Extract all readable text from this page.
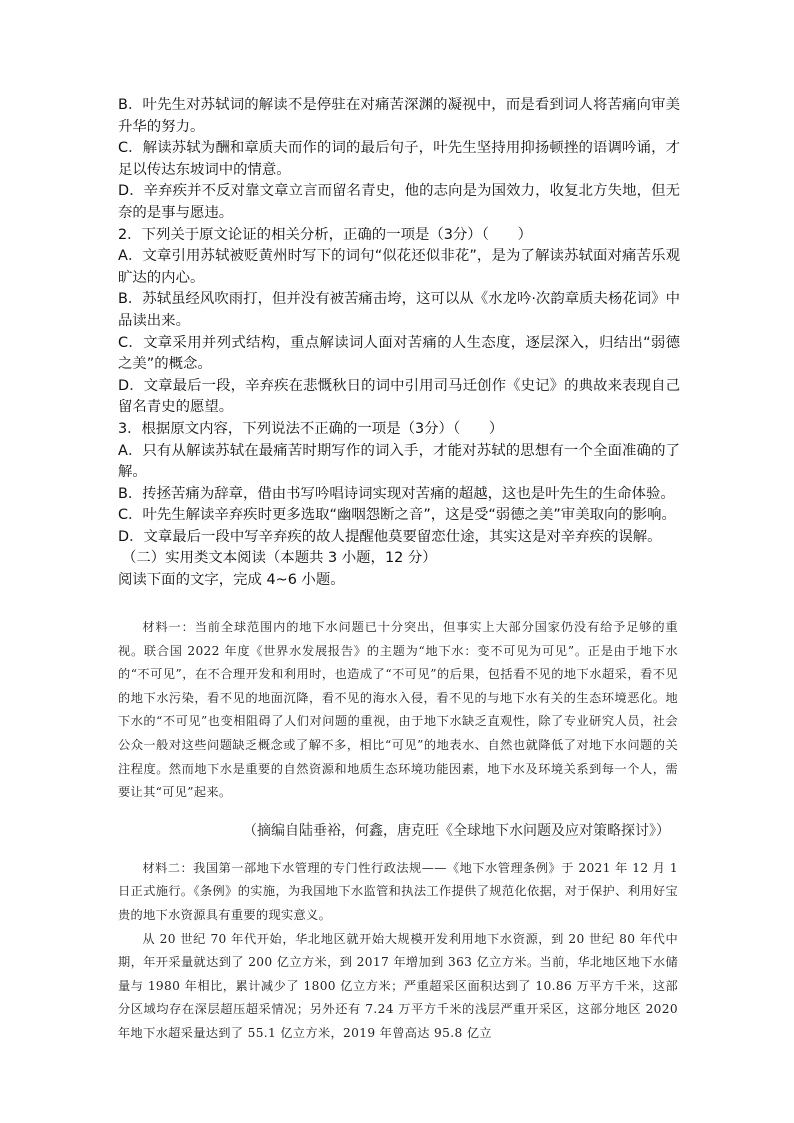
B．叶先生对苏轼词的解读不是停驻在对痛苦深渊的凝视中，而是看到词人将苦痛向审美升华的努力。

C．解读苏轼为酬和章质夫而作的词的最后句子，叶先生坚持用抑扬顿挫的语调吟诵，才足以传达东坡词中的情意。

D．辛弃疾并不反对靠文章立言而留名青史，他的志向是为国效力，收复北方失地，但无奈的是事与愿违。

2．下列关于原文论证的相关分析，正确的一项是（3分）（　　）

A．文章引用苏轼被贬黄州时写下的词句“似花还似非花”，是为了解读苏轼面对痛苦乐观旷达的内心。

B．苏轼虽经风吹雨打，但并没有被苦痛击垮，这可以从《水龙吟·次韵章质夫杨花词》中品读出来。

C．文章采用并列式结构，重点解读词人面对苦痛的人生态度，逐层深入，归结出“弱德之美”的概念。

D．文章最后一段，辛弃疾在悲慨秋日的词中引用司马迁创作《史记》的典故来表现自己留名青史的愿望。

3．根据原文内容，下列说法不正确的一项是（3分）（　　）

A．只有从解读苏轼在最痛苦时期写作的词入手，才能对苏轼的思想有一个全面准确的了解。

B．抟拯苦痛为辞章，借由书写吟唱诗词实现对苦痛的超越，这也是叶先生的生命体验。

C．叶先生解读辛弃疾时更多选取“幽咽怨断之音”，这是受“弱德之美”审美取向的影响。

D．文章最后一段中写辛弃疾的故人提醒他莫要留恋仕途，其实这是对辛弃疾的误解。

（二）实用类文本阅读（本题共 3 小题，12 分）

阅读下面的文字，完成 4~6 小题。

材料一：当前全球范围内的地下水问题已十分突出，但事实上大部分国家仍没有给予足够的重视。联合国 2022 年度《世界水发展报告》的主题为“地下水：变不可见为可见”。正是由于地下水的“不可见”，在不合理开发和利用时，也造成了“不可见”的后果，包括看不见的地下水超采，看不见的地下水污染，看不见的地面沉降，看不见的海水入侵，看不见的与地下水有关的生态环境恶化。地下水的“不可见”也变相阻碍了人们对问题的重视，由于地下水缺乏直观性，除了专业研究人员，社会公众一般对这些问题缺乏概念或了解不多，相比“可见”的地表水、自然也就降低了对地下水问题的关注程度。然而地下水是重要的自然资源和地质生态环境功能因素，地下水及环境关系到每一个人，需要让其“可见”起来。

（摘编自陆垂裕，何鑫，唐克旺《全球地下水问题及应对策略探讨》）

材料二：我国第一部地下水管理的专门性行政法规——《地下水管理条例》于 2021 年 12 月 1 日正式施行。《条例》的实施，为我国地下水监管和执法工作提供了规范化依据，对于保护、利用好宝贵的地下水资源具有重要的现实意义。

从 20 世纪 70 年代开始，华北地区就开始大规模开发利用地下水资源，到 20 世纪 80 年代中期，年开采量就达到了 200 亿立方米，到 2017 年增加到 363 亿立方米。当前，华北地区地下水储量与 1980 年相比，累计减少了 1800 亿立方米；严重超采区面积达到了 10.86 万平方千米，这部分区域均存在深层超压超采情况；另外还有 7.24 万平方千米的浅层严重开采区，这部分地区 2020 年地下水超采量达到了 55.1 亿立方米，2019 年曾高达 95.8 亿立
